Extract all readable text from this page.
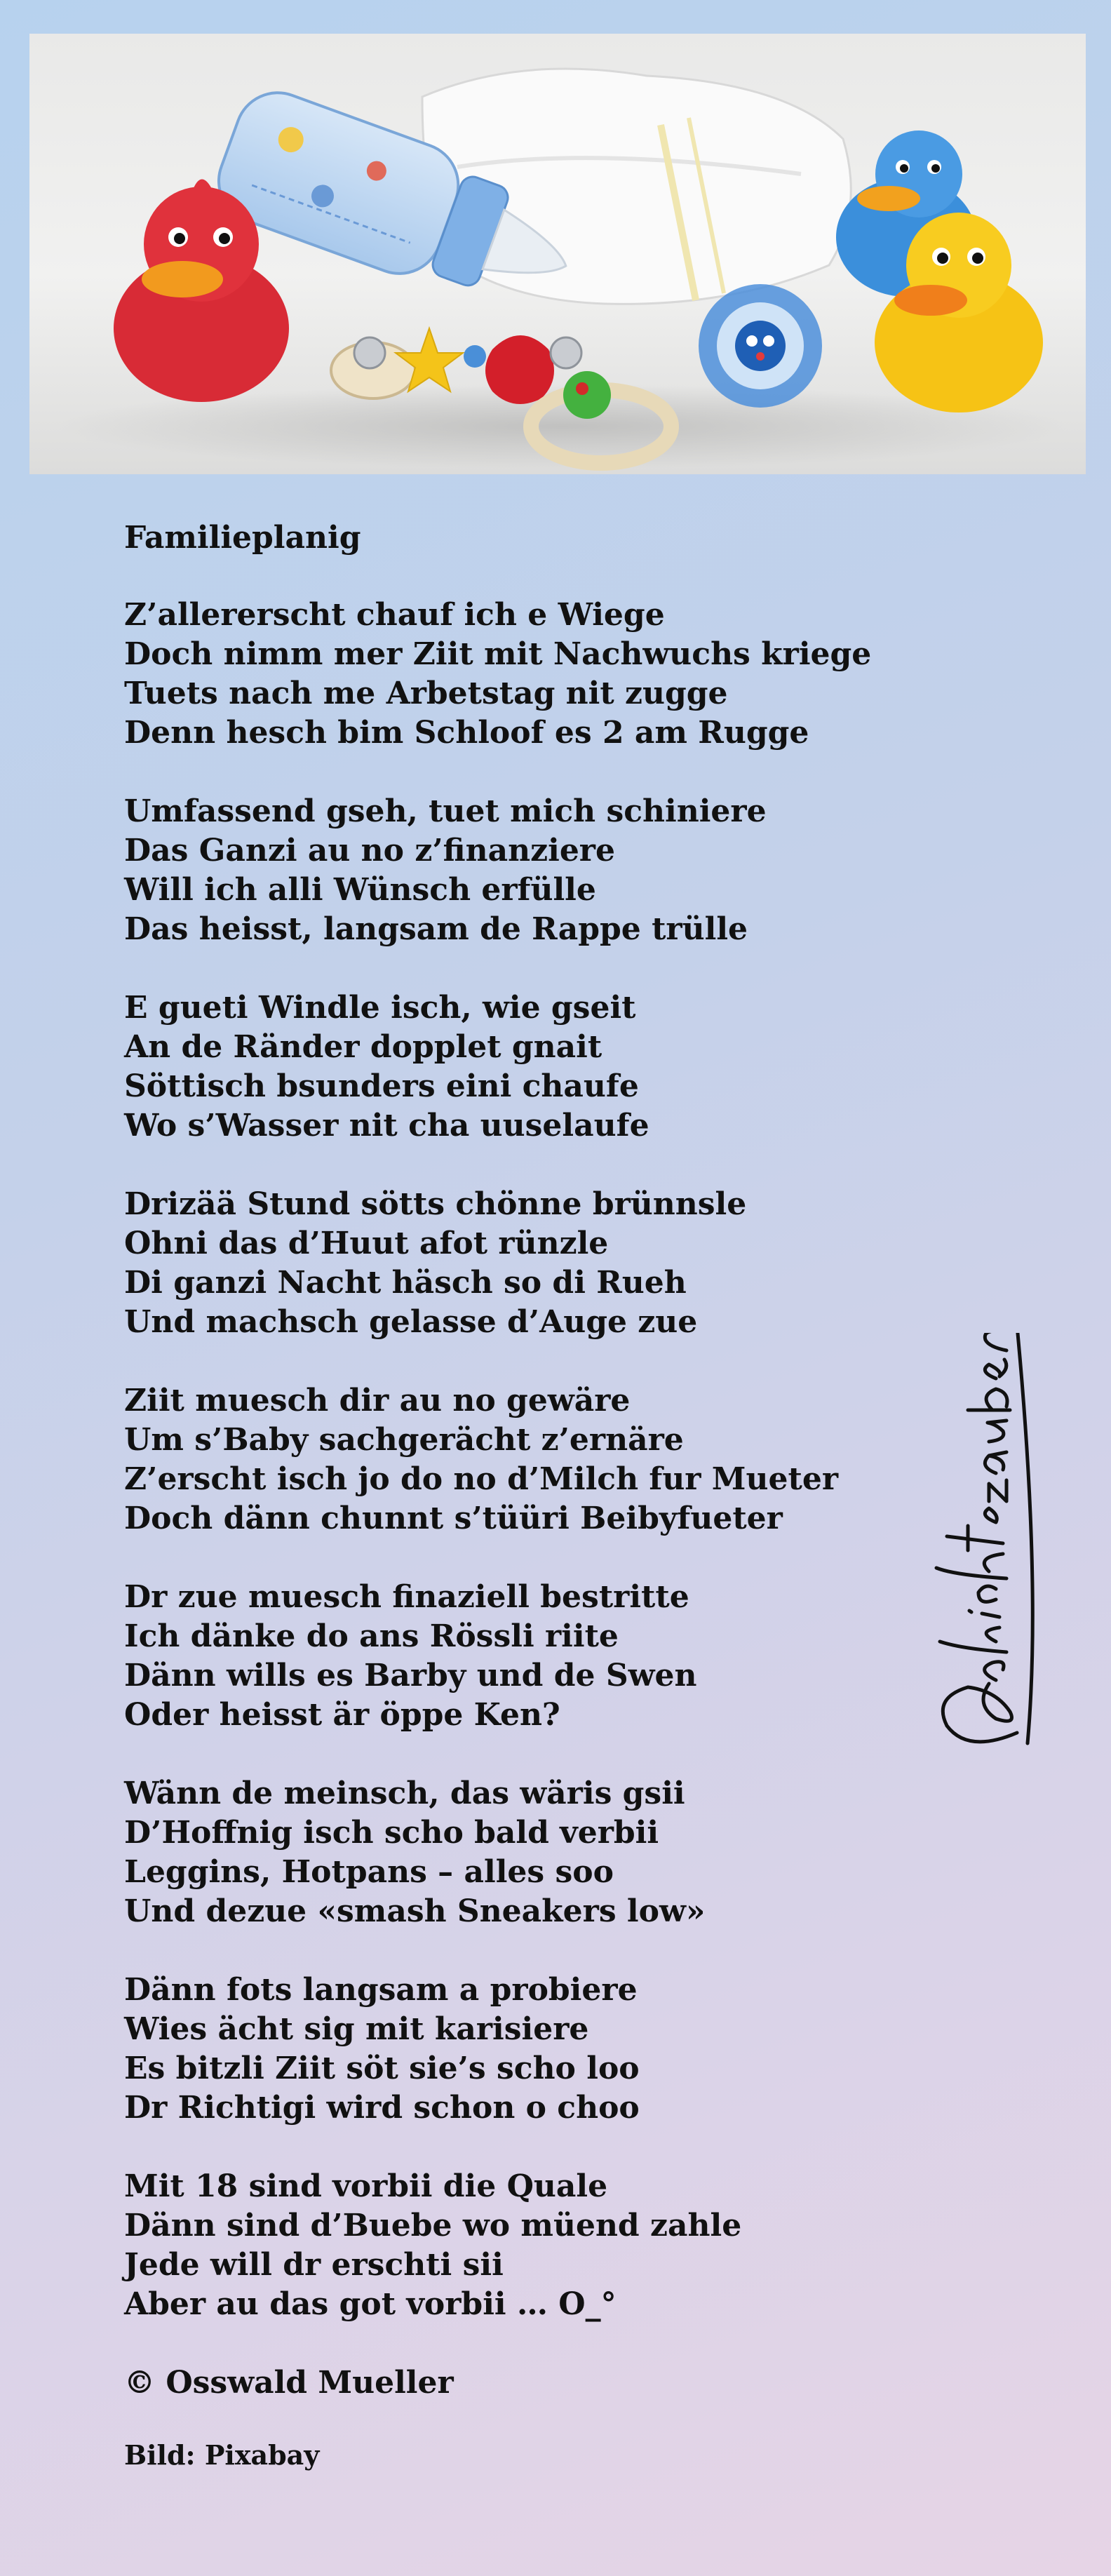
Familieplanig
Z’allererscht chauf ich e Wiege
Doch nimm mer Ziit mit Nachwuchs kriege
Tuets nach me Arbetstag nit zugge
Denn hesch bim Schloof es 2 am Rugge
Umfassend gseh, tuet mich schiniere
Das Ganzi au no z’finanziere
Will ich alli Wünsch erfülle
Das heisst, langsam de Rappe trülle
E gueti Windle isch, wie gseit
An de Ränder dopplet gnait
Söttisch bsunders eini chaufe
Wo s’Wasser nit cha uuselaufe
Drizää Stund sötts chönne brünnsle
Ohni das d’Huut afot rünzle
Di ganzi Nacht häsch so di Rueh
Und machsch gelasse d’Auge zue
Ziit muesch dir au no gewäre
Um s’Baby sachgerächt z’ernäre
Z’erscht isch jo do no d’Milch fur Mueter
Doch dänn chunnt s’tüüri Beibyfueter
Dr zue muesch finaziell bestritte
Ich dänke do ans Rössli riite
Dänn wills es Barby und de Swen
Oder heisst är öppe Ken?
Wänn de meinsch, das wäris gsii
D’Hoffnig isch scho bald verbii
Leggins, Hotpans – alles soo
Und dezue «smash Sneakers low»
Dänn fots langsam a probiere
Wies ächt sig mit karisiere
Es bitzli Ziit söt sie’s scho loo
Dr Richtigi wird schon o choo
Mit 18 sind vorbii die Quale
Dänn sind d’Buebe wo müend zahle
Jede will dr erschti sii
Aber au das got vorbii … O_°
© Osswald Mueller
Bild: Pixabay
